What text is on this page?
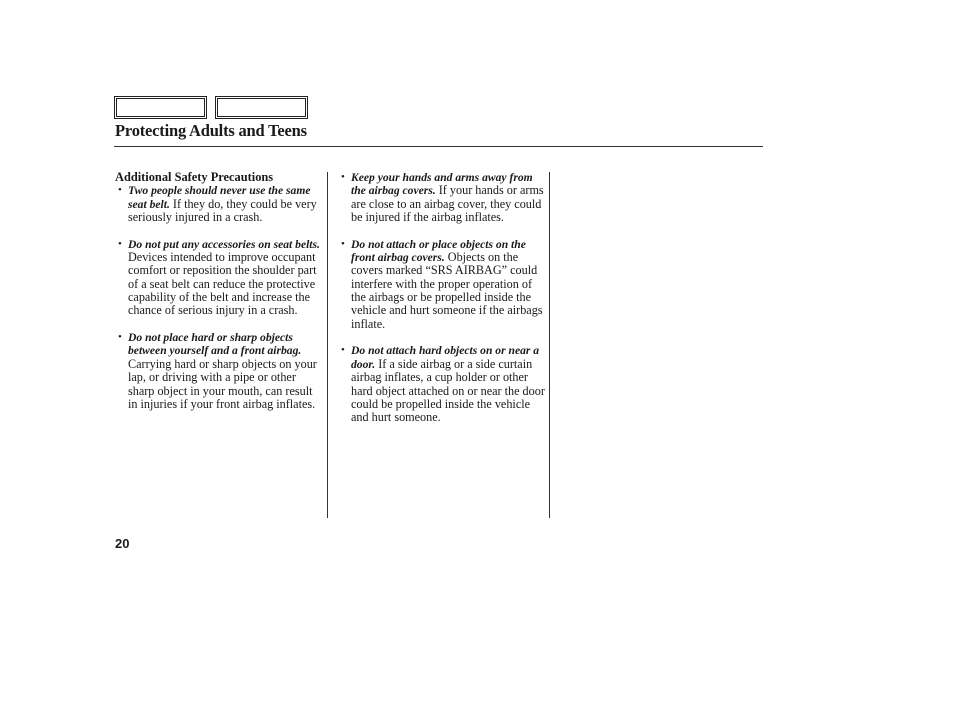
Protecting Adults and Teens

Additional Safety Precautions

• Two people should never use the same seat belt. If they do, they could be very seriously injured in a crash.
• Do not put any accessories on seat belts. Devices intended to improve occupant comfort or reposition the shoulder part of a seat belt can reduce the protective capability of the belt and increase the chance of serious injury in a crash.
• Do not place hard or sharp objects between yourself and a front airbag. Carrying hard or sharp objects on your lap, or driving with a pipe or other sharp object in your mouth, can result in injuries if your front airbag inflates.
• Keep your hands and arms away from the airbag covers. If your hands or arms are close to an airbag cover, they could be injured if the airbag inflates.
• Do not attach or place objects on the front airbag covers. Objects on the covers marked “SRS AIRBAG” could interfere with the proper operation of the airbags or be propelled inside the vehicle and hurt someone if the airbags inflate.
• Do not attach hard objects on or near a door. If a side airbag or a side curtain airbag inflates, a cup holder or other hard object attached on or near the door could be propelled inside the vehicle and hurt someone.
20
